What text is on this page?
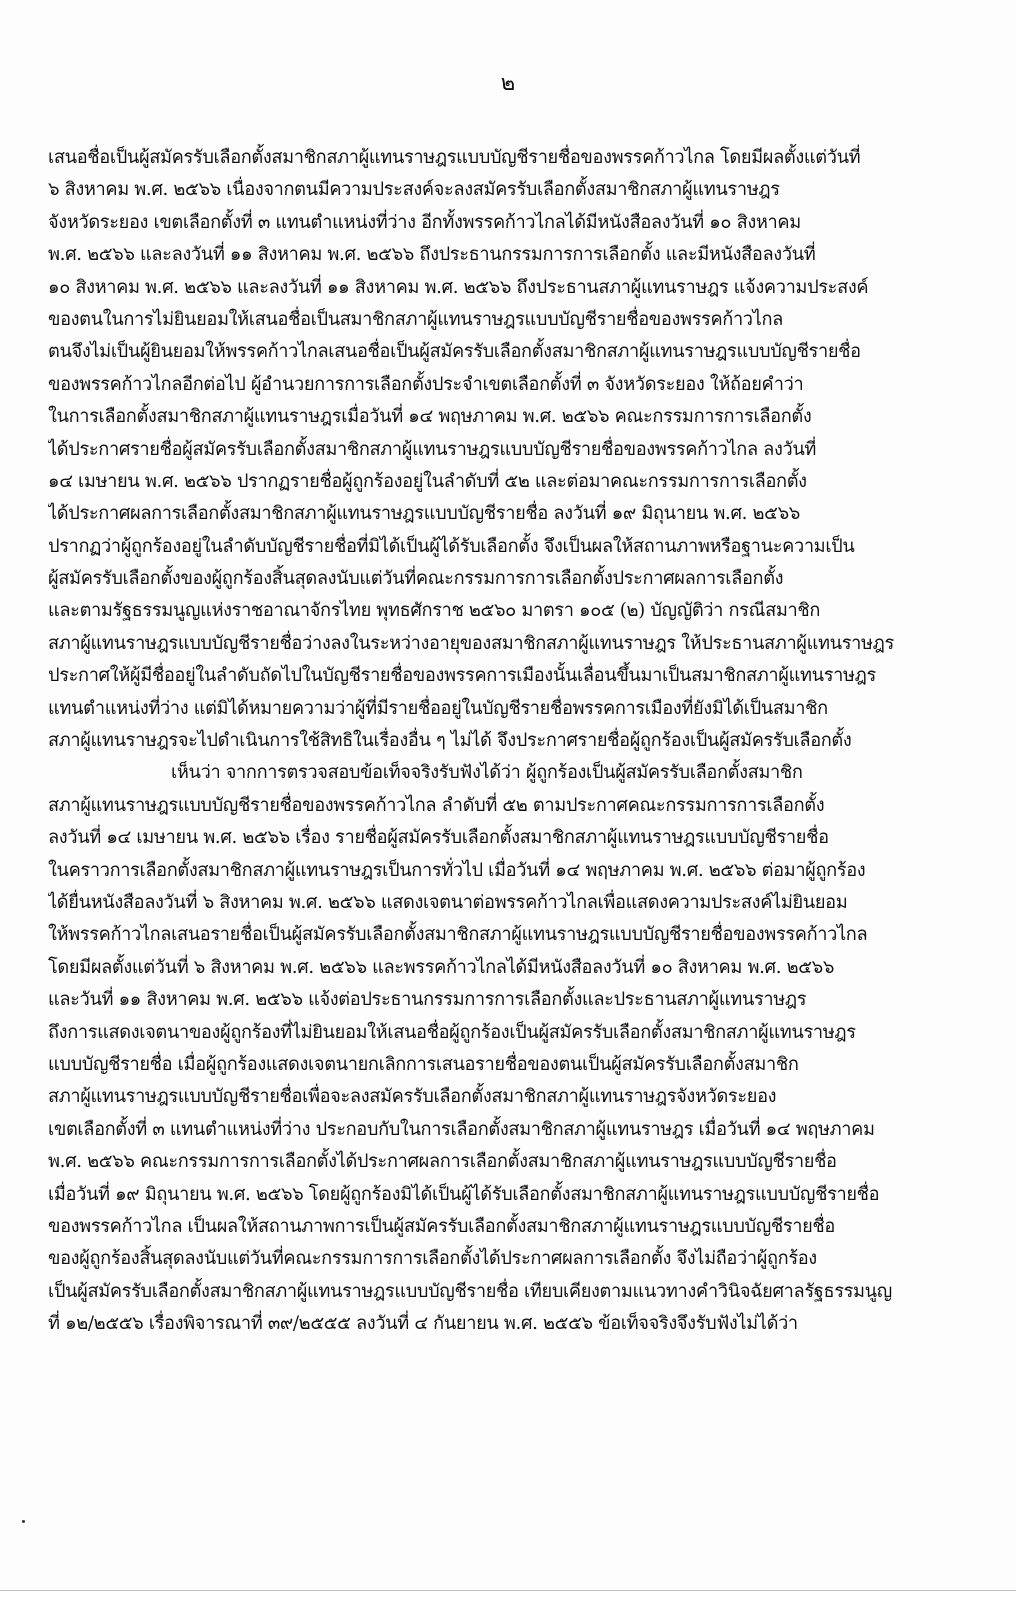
๒
เสนอชื่อเป็นผู้สมัครรับเลือกตั้งสมาชิกสภาผู้แทนราษฎรแบบบัญชีรายชื่อของพรรคก้าวไกล โดยมีผลตั้งแต่วันที่
๖ สิงหาคม พ.ศ. ๒๕๖๖ เนื่องจากตนมีความประสงค์จะลงสมัครรับเลือกตั้งสมาชิกสภาผู้แทนราษฎร
จังหวัดระยอง เขตเลือกตั้งที่ ๓ แทนตำแหน่งที่ว่าง อีกทั้งพรรคก้าวไกลได้มีหนังสือลงวันที่ ๑๐ สิงหาคม
พ.ศ. ๒๕๖๖ และลงวันที่ ๑๑ สิงหาคม พ.ศ. ๒๕๖๖ ถึงประธานกรรมการการเลือกตั้ง และมีหนังสือลงวันที่
๑๐ สิงหาคม พ.ศ. ๒๕๖๖ และลงวันที่ ๑๑ สิงหาคม พ.ศ. ๒๕๖๖ ถึงประธานสภาผู้แทนราษฎร แจ้งความประสงค์
ของตนในการไม่ยินยอมให้เสนอชื่อเป็นสมาชิกสภาผู้แทนราษฎรแบบบัญชีรายชื่อของพรรคก้าวไกล
ตนจึงไม่เป็นผู้ยินยอมให้พรรคก้าวไกลเสนอชื่อเป็นผู้สมัครรับเลือกตั้งสมาชิกสภาผู้แทนราษฎรแบบบัญชีรายชื่อ
ของพรรคก้าวไกลอีกต่อไป ผู้อำนวยการการเลือกตั้งประจำเขตเลือกตั้งที่ ๓ จังหวัดระยอง ให้ถ้อยคำว่า
ในการเลือกตั้งสมาชิกสภาผู้แทนราษฎรเมื่อวันที่ ๑๔ พฤษภาคม พ.ศ. ๒๕๖๖ คณะกรรมการการเลือกตั้ง
ได้ประกาศรายชื่อผู้สมัครรับเลือกตั้งสมาชิกสภาผู้แทนราษฎรแบบบัญชีรายชื่อของพรรคก้าวไกล ลงวันที่
๑๔ เมษายน พ.ศ. ๒๕๖๖ ปรากฏรายชื่อผู้ถูกร้องอยู่ในลำดับที่ ๕๒ และต่อมาคณะกรรมการการเลือกตั้ง
ได้ประกาศผลการเลือกตั้งสมาชิกสภาผู้แทนราษฎรแบบบัญชีรายชื่อ ลงวันที่ ๑๙ มิถุนายน พ.ศ. ๒๕๖๖
ปรากฏว่าผู้ถูกร้องอยู่ในลำดับบัญชีรายชื่อที่มิได้เป็นผู้ได้รับเลือกตั้ง จึงเป็นผลให้สถานภาพหรือฐานะความเป็น
ผู้สมัครรับเลือกตั้งของผู้ถูกร้องสิ้นสุดลงนับแต่วันที่คณะกรรมการการเลือกตั้งประกาศผลการเลือกตั้ง
และตามรัฐธรรมนูญแห่งราชอาณาจักรไทย พุทธศักราช ๒๕๖๐ มาตรา ๑๐๕ (๒) บัญญัติว่า กรณีสมาชิก
สภาผู้แทนราษฎรแบบบัญชีรายชื่อว่างลงในระหว่างอายุของสมาชิกสภาผู้แทนราษฎร ให้ประธานสภาผู้แทนราษฎร
ประกาศให้ผู้มีชื่ออยู่ในลำดับถัดไปในบัญชีรายชื่อของพรรคการเมืองนั้นเลื่อนขึ้นมาเป็นสมาชิกสภาผู้แทนราษฎร
แทนตำแหน่งที่ว่าง แต่มิได้หมายความว่าผู้ที่มีรายชื่ออยู่ในบัญชีรายชื่อพรรคการเมืองที่ยังมิได้เป็นสมาชิก
สภาผู้แทนราษฎรจะไปดำเนินการใช้สิทธิในเรื่องอื่น ๆ ไม่ได้ จึงประกาศรายชื่อผู้ถูกร้องเป็นผู้สมัครรับเลือกตั้ง
เห็นว่า จากการตรวจสอบข้อเท็จจริงรับฟังได้ว่า ผู้ถูกร้องเป็นผู้สมัครรับเลือกตั้งสมาชิก
สภาผู้แทนราษฎรแบบบัญชีรายชื่อของพรรคก้าวไกล ลำดับที่ ๕๒ ตามประกาศคณะกรรมการการเลือกตั้ง
ลงวันที่ ๑๔ เมษายน พ.ศ. ๒๕๖๖ เรื่อง รายชื่อผู้สมัครรับเลือกตั้งสมาชิกสภาผู้แทนราษฎรแบบบัญชีรายชื่อ
ในคราวการเลือกตั้งสมาชิกสภาผู้แทนราษฎรเป็นการทั่วไป เมื่อวันที่ ๑๔ พฤษภาคม พ.ศ. ๒๕๖๖ ต่อมาผู้ถูกร้อง
ได้ยื่นหนังสือลงวันที่ ๖ สิงหาคม พ.ศ. ๒๕๖๖ แสดงเจตนาต่อพรรคก้าวไกลเพื่อแสดงความประสงค์ไม่ยินยอม
ให้พรรคก้าวไกลเสนอรายชื่อเป็นผู้สมัครรับเลือกตั้งสมาชิกสภาผู้แทนราษฎรแบบบัญชีรายชื่อของพรรคก้าวไกล
โดยมีผลตั้งแต่วันที่ ๖ สิงหาคม พ.ศ. ๒๕๖๖ และพรรคก้าวไกลได้มีหนังสือลงวันที่ ๑๐ สิงหาคม พ.ศ. ๒๕๖๖
และวันที่ ๑๑ สิงหาคม พ.ศ. ๒๕๖๖ แจ้งต่อประธานกรรมการการเลือกตั้งและประธานสภาผู้แทนราษฎร
ถึงการแสดงเจตนาของผู้ถูกร้องที่ไม่ยินยอมให้เสนอชื่อผู้ถูกร้องเป็นผู้สมัครรับเลือกตั้งสมาชิกสภาผู้แทนราษฎร
แบบบัญชีรายชื่อ เมื่อผู้ถูกร้องแสดงเจตนายกเลิกการเสนอรายชื่อของตนเป็นผู้สมัครรับเลือกตั้งสมาชิก
สภาผู้แทนราษฎรแบบบัญชีรายชื่อเพื่อจะลงสมัครรับเลือกตั้งสมาชิกสภาผู้แทนราษฎรจังหวัดระยอง
เขตเลือกตั้งที่ ๓ แทนตำแหน่งที่ว่าง ประกอบกับในการเลือกตั้งสมาชิกสภาผู้แทนราษฎร เมื่อวันที่ ๑๔ พฤษภาคม
พ.ศ. ๒๕๖๖ คณะกรรมการการเลือกตั้งได้ประกาศผลการเลือกตั้งสมาชิกสภาผู้แทนราษฎรแบบบัญชีรายชื่อ
เมื่อวันที่ ๑๙ มิถุนายน พ.ศ. ๒๕๖๖ โดยผู้ถูกร้องมิได้เป็นผู้ได้รับเลือกตั้งสมาชิกสภาผู้แทนราษฎรแบบบัญชีรายชื่อ
ของพรรคก้าวไกล เป็นผลให้สถานภาพการเป็นผู้สมัครรับเลือกตั้งสมาชิกสภาผู้แทนราษฎรแบบบัญชีรายชื่อ
ของผู้ถูกร้องสิ้นสุดลงนับแต่วันที่คณะกรรมการการเลือกตั้งได้ประกาศผลการเลือกตั้ง จึงไม่ถือว่าผู้ถูกร้อง
เป็นผู้สมัครรับเลือกตั้งสมาชิกสภาผู้แทนราษฎรแบบบัญชีรายชื่อ เทียบเคียงตามแนวทางคำวินิจฉัยศาลรัฐธรรมนูญ
ที่ ๑๒/๒๕๕๖ เรื่องพิจารณาที่ ๓๙/๒๕๕๕ ลงวันที่ ๔ กันยายน พ.ศ. ๒๕๕๖ ข้อเท็จจริงจึงรับฟังไม่ได้ว่า
